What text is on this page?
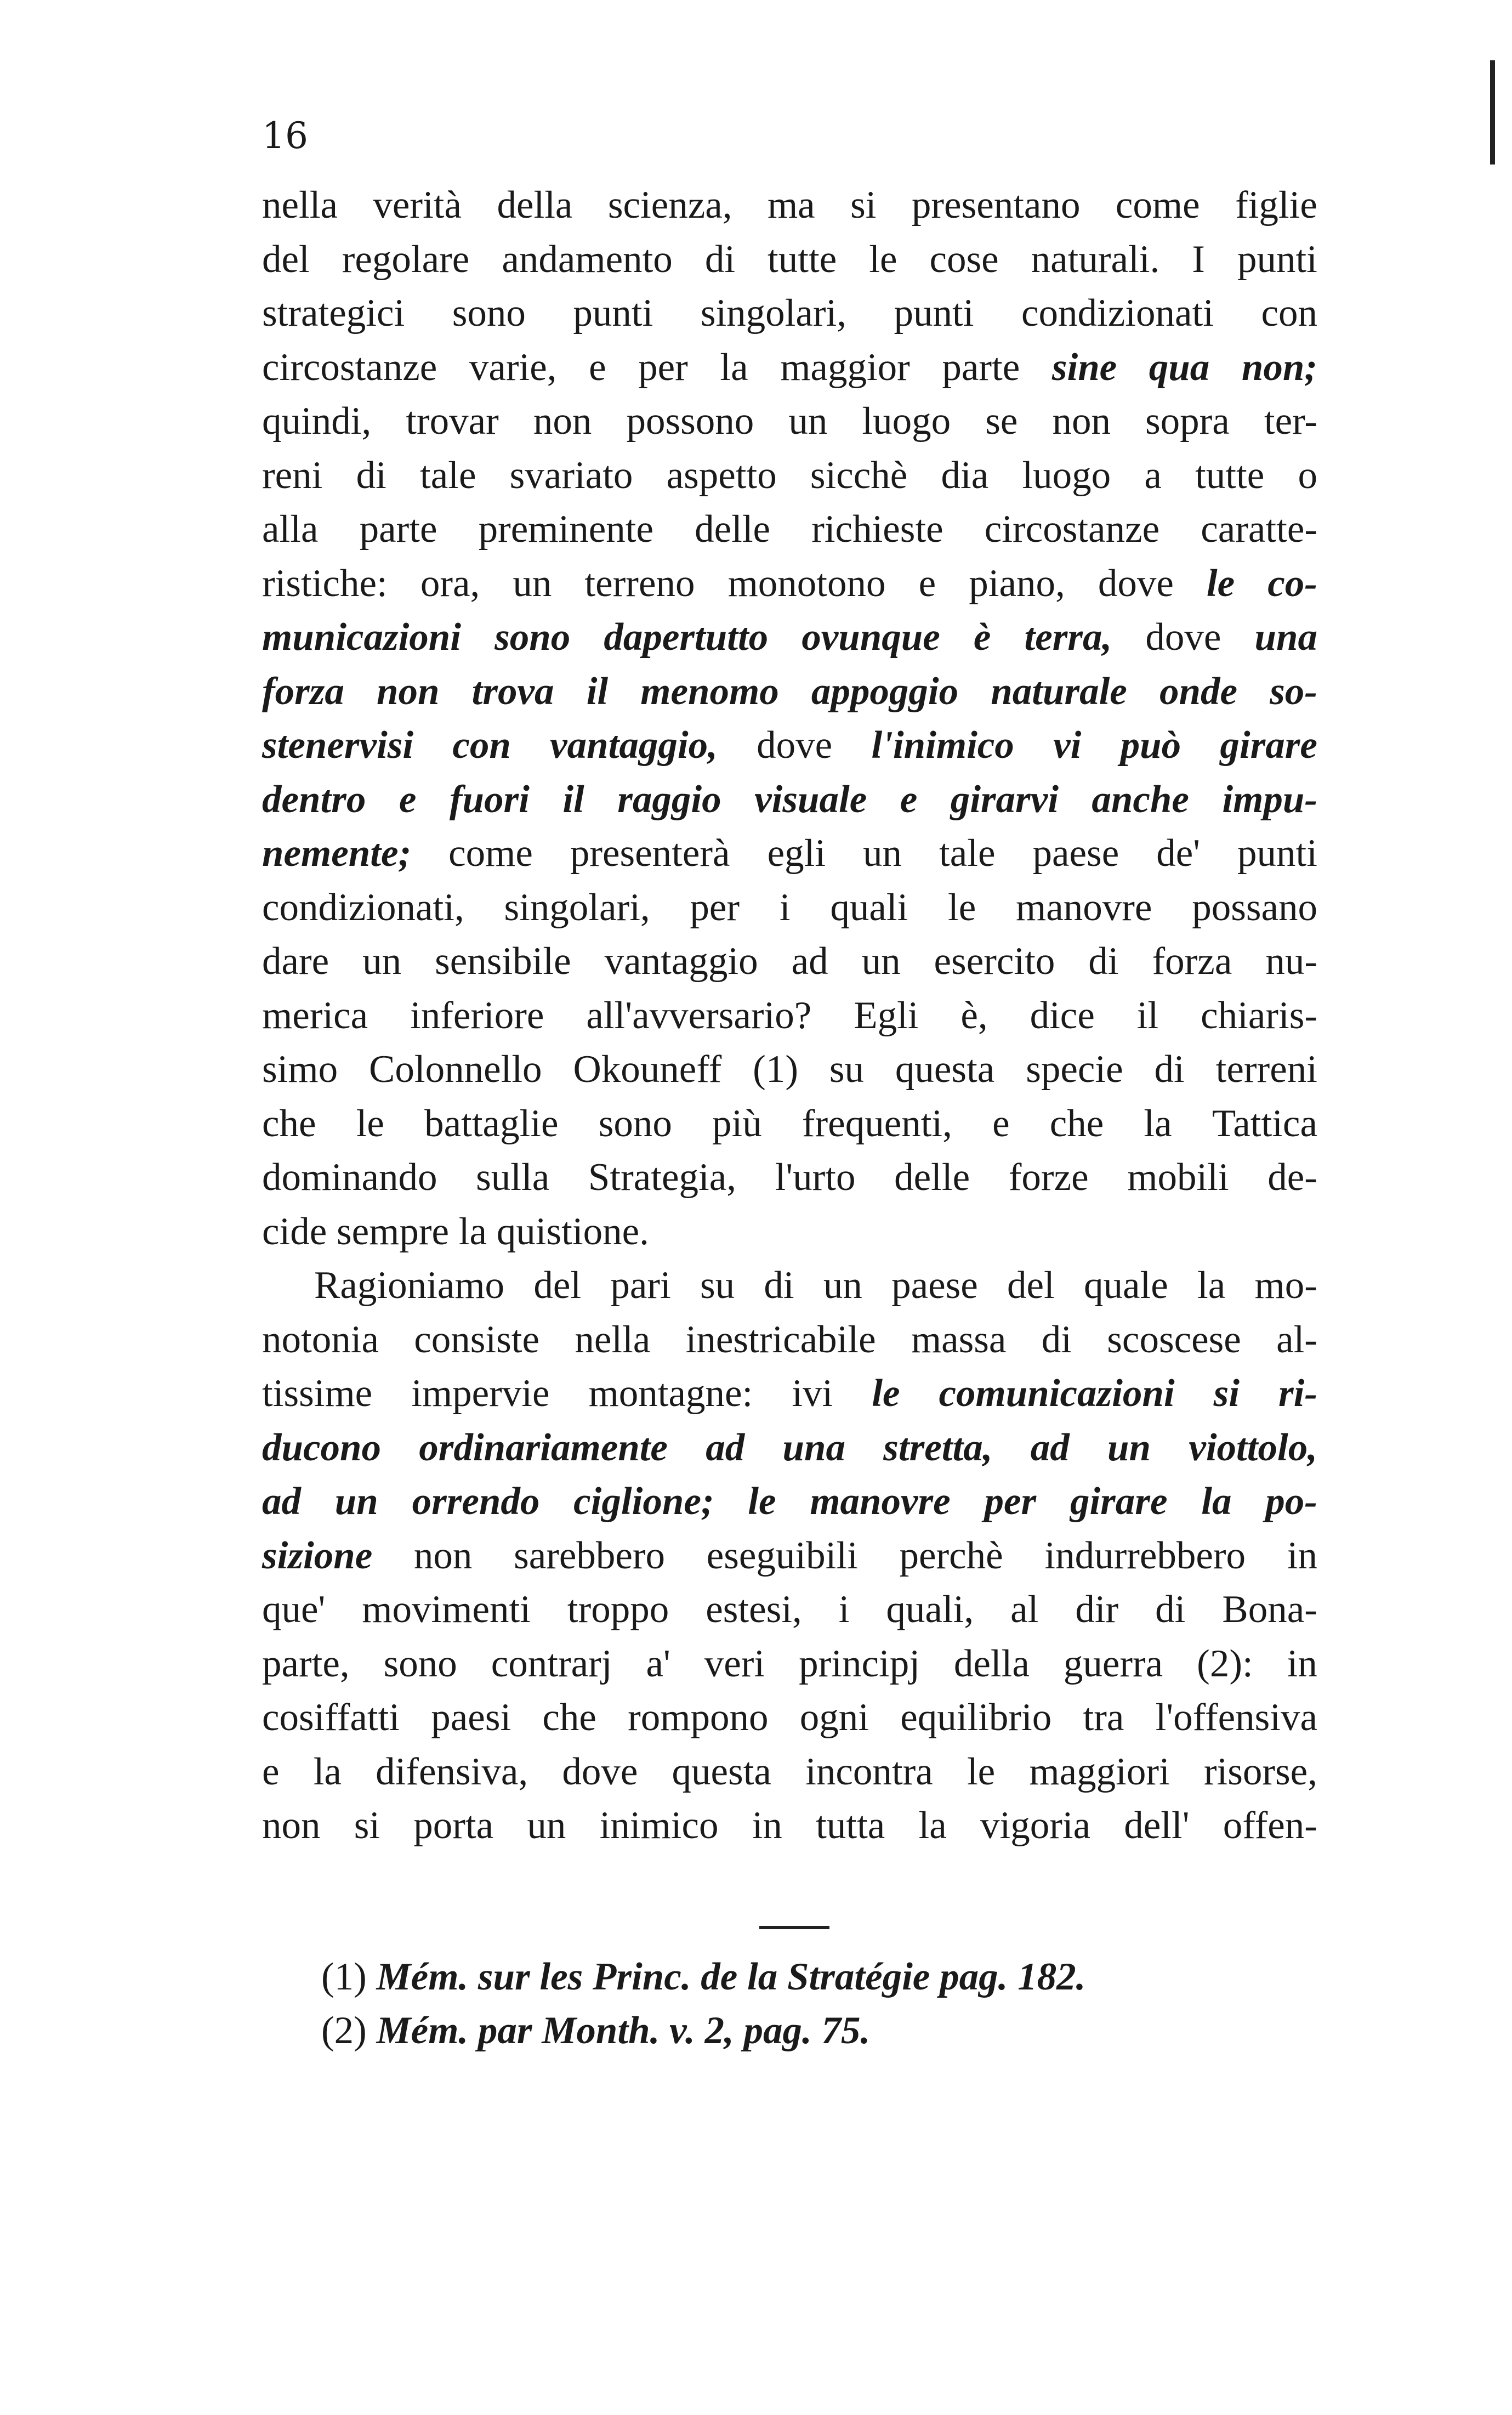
16
nella verità della scienza, ma si presentano come figlie
del regolare andamento di tutte le cose naturali. I punti
strategici sono punti singolari, punti condizionati con
circostanze varie, e per la maggior parte sine qua non;
quindi, trovar non possono un luogo se non sopra ter-
reni di tale svariato aspetto sicchè dia luogo a tutte o
alla parte preminente delle richieste circostanze caratte-
ristiche: ora, un terreno monotono e piano, dove le co-
municazioni sono dapertutto ovunque è terra, dove una
forza non trova il menomo appoggio naturale onde so-
stenervisi con vantaggio, dove l'inimico vi può girare
dentro e fuori il raggio visuale e girarvi anche impu-
nemente; come presenterà egli un tale paese de' punti
condizionati, singolari, per i quali le manovre possano
dare un sensibile vantaggio ad un esercito di forza nu-
merica inferiore all'avversario? Egli è, dice il chiaris-
simo Colonnello Okouneff (1) su questa specie di terreni
che le battaglie sono più frequenti, e che la Tattica
dominando sulla Strategia, l'urto delle forze mobili de-
cide sempre la quistione.
Ragioniamo del pari su di un paese del quale la mo-
notonia consiste nella inestricabile massa di scoscese al-
tissime impervie montagne: ivi le comunicazioni si ri-
ducono ordinariamente ad una stretta, ad un viottolo,
ad un orrendo ciglione; le manovre per girare la po-
sizione non sarebbero eseguibili perchè indurrebbero in
que' movimenti troppo estesi, i quali, al dir di Bona-
parte, sono contrarj a' veri principj della guerra (2): in
cosiffatti paesi che rompono ogni equilibrio tra l'offensiva
e la difensiva, dove questa incontra le maggiori risorse,
non si porta un inimico in tutta la vigoria dell' offen-
(1) Mém. sur les Princ. de la Stratégie pag. 182.
(2) Mém. par Month. v. 2, pag. 75.
